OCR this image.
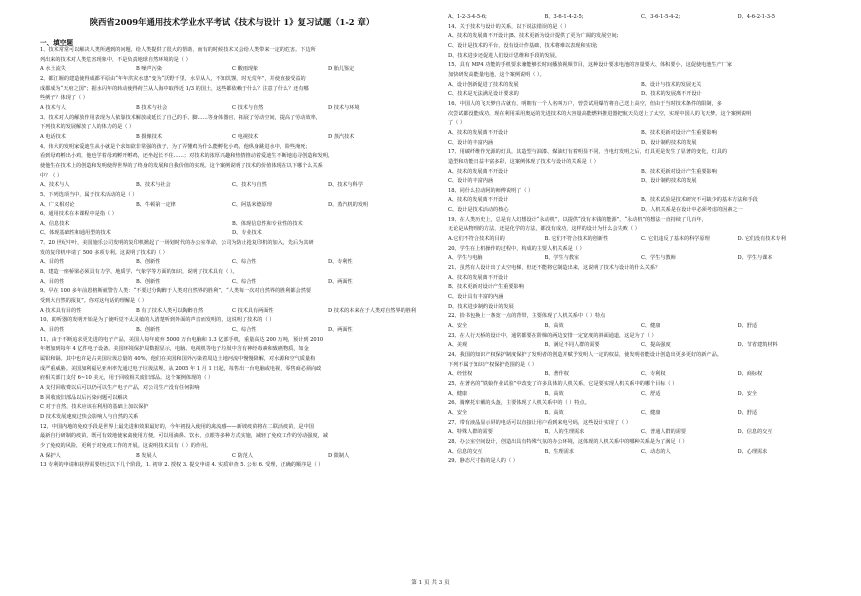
陕西省2009年通用技术学业水平考试《技术与设计 1》复习试题（1-2 章）
一、填空题
1、技术常常可以解决人类所遇到的问题，给人类提供了很大的帮助，而有的时候技术又会给人类带来一定的危害。下边所
列出来的技术对人类危害现象中，不是负责地球自然环境的是（ ）
A 水土流失	B 噪声污染	C 酸雨现象	D 胎儿鉴定
2、都江堰的建造使得成都平原由“年年洪灾水患”变为“沃野千里，水旱从人，不知饥馑，时无荒年”，并使直接受益的
成都成为“天府之国”；据水闪年的转动使得荷兰从人海中取得近 1/3 的国土，这些都依赖于什么？注意了什么？还有哪
些例子？体现了（ ）
A 技术与人	B 技术与社会	C 技术与自然	D 技术与环境
3、技术对人的解放作用表现为人依靠技术解放或延长了自己的手、脚……等身体器官，拓展了劳动空间，提高了劳动效率，
下列技术的发展解放了人的体力的是（ ）
A 电话技术	B 摄像技术	C 电视技术	D 蒸汽技术
4、伟大的发明家爱迪生从小就是个求知欲非常强的孩子，为了弄懂鸡为什么能孵化小鸡，他纵身跳进水中，险些淹死；
看到母鸡孵出小鸡，他也学着母鸡孵开孵鸡，还坐起长不住……；对技术的浓厚兴趣和热情推动着爱迪生不断地追寻创造和发明，
使他生在技术上的创造和发明使得世界的了终身的发展和自我价值的实现。这个案例说明了技术的价值体现在以下哪个么关系
中？（ ）
A、技术与人	B、技术与社会	C、技术与自然	D、技术与科学
5、下列选项当中，属于技术活动的是（ ）
A、广义相对论	B、牛顿第一定律	C、阿基米德原理	D、蒸汽机的发明
6、通用技术在本课程中是指（ ）
A、信息技术	B、体现信息性和专业性的技术
C、体现基础性和通用型的技术	D、专业技术
7、20 世纪中叶，美国施乐公司发明的复印机掀起了一场划时代的办公室革命，公司为防止抢复印机的加入，先后为其研
发的复印机申请了 500 多项专利。这说明了技术的（ ）
A、目的性	B、创新性	C、综合性	D、专利性
8、建造一座桥梁必须具有力学、地质学、气象学等方面的知识，说明了技术具有（ ）。
A、目的性	B、创新性	C、综合性	D、两面性
9、早在 100 多年前恩格斯就警告人类：“不要过分陶醉于人类对自然界的胜利”，“人类每一次对自然界的胜利都会然要
受到大自然的报复”。你对这句话的理解是（ ）
A 技术具有目的性	B 有了技术人类可以陶醉自然	C 技术具有两面性	D 技术的本来在于人类对自然界的胜利
10、助听器的发明开始是为了使听觉不太灵敏的人清楚听到外面的声音而发明的，这说明了技术的（ ）
A、目的性	B、创新性	C、综合性	D、两面性
11、由于不断追求更先进的电子产品，美国人每年废弃 5000 万台电脑和 1.3 亿部手机，重量高达 200 万吨，预计到 2010
年增加到每年 4 亿件电子设备。美国环境保护局数据显示，电脑、电视机等电子垃圾中含有神经毒素和致癌物质，如金
属铅和镉。其中也许是占美国垃圾总量的 40%，他们在美国和国外污染着周边土地河流中慢慢降解，对水源和空气质量构
成严重威胁。美国加利福尼亚州率先通过电子垃圾法规，从 2005 年 1 月 1 日起，每售出一台电脑或电视，零售商必须向政
府相关部门支付 6~10 美元，用于回收相关废旧部品。这个案例体现的（ ）
A 支付回收费以后可以仍可以生产电子产品，对公司生产没有任何影响
B 回收废旧部品以后污染问题可以解决
C 对于自然，技术应该在利用的基础上加以保护
D 技术发展速度过快会影响人与自然的关系
12、中国内地的免疫手段是世界上最先进和效果最好的，今年初投入使用的禽流感——新坡疫苗将在二联活疫苗，是中国
最新自行研制的疫苗，既可有效地使家禽使用方便，可以用滴鼻、饮水，点眼等多种方式实施，减轻了免疫工作的劳动强度，减
少了免疫的风险，更利于对免疫工作的开展。这说明技术具有（ ）的作用。
A 保护人	B 发展人	C 防范人	D 限制人
13 专利的申请和获得需要经过以下几个阶段，1. 初审 2. 授权 3. 提交申请 4. 实质审查 5. 公布 6. 受理，正确的顺序是（ ）
A、1-2-3-4-5-6;	B、3-6-1-4-2-5;	C、3-6-1-5-4-2;	D、4-6-2-1-3-5
14、关于技术与设计的关系，以下说法错误的是（ ）
A、技术的发展离不开设计|B、技术更新为设计提供了更为广阔的发展空间;
C、设计是技术的平台，没有设计作基础，技术将难以表现和实现;
D、技术进步还促进人们设计思维和手段的发展。
15、具有 MP4 功能的手机要求兼能够长时间播放视频节目，这种设计要求电池的容量要大、体积要小，这促使电池生产厂家
加快研发高能量电池，这个案例说明（ ）。
A、设计创新促进了技术的发展	B、设计与技术的发展无关
C、技术是无法满足设计要求的	D、技术的发展离不开设计
16、中国人的飞天梦自古就有，明朝有一个人名叫万户，曾尝试用爆竹将自己送上高空，但由于当时技术条件的限制，多
次尝试都没能成功，现在利用采用奥运的先进技术的大容量高能燃料推进器把航天员送上了太空，实现中国人的飞天梦。这个案例说明
了（ ）
A、技术的发展离不开设计	B、技术更新对设计产生重要影响
C、设计的丰富内涵	D、设计制约技术的发展
17、用碳纤维作光源的灯具，其造型与油漆、煤油灯有着明显不同，当电灯发明之后，灯具更是发生了显著的变化，灯具的
造型和功能日益丰富多彩，这案例体现了技术与设计的关系是（ ）
A、技术的发展离不开设计	B、技术更新对设计产生重要影响
C、设计的丰富内涵	D、设计制约技术的发展
18、同什么拉动阿的师傅说明了（ ）
A、技术的发展离不开设计	B、技术试验是技术研究不可缺少的基本方法和手段
C、设计是技术活动的核心	D、人机关系是在设计中必须考虑的因素之一
19、在人类历史上，总是有人幻想设计“永动机”，以提供“没有本钱的能源”，“永动机”的想法一直持续了几百年，
无论是从物理的方法，还是化学的方法，都没有成功，这样的设计为什么会失败（ ）
A.它们不符合技术的目的	B. 它们不符合技术的创新性	C. 它们违反了基本的科学原理	D. 它们没有技术专利
20、学生在上机操作的过程中，构成的主要人机关系是（ ）
A、学生与电脑	B、学生与教室	C、学生与教师	D、学生与课本
21、虽然有人设计出了太空电梯，但还不能将它制造出来，这说明了技术与设计的什么关系？
A、技术的发展离不开设计
B、技术更新对设计产生重要影响
C、设计具有丰富的内涵
D、技术进步制约设计的发展
22、拾书包换上一条宽一点的背带，主要体现了人机关系中（ ）特点
A、安全	B、高效	C、健康	D、舒适
23、在人行天桥的设计中，通常都要在阶梯的两边安排一定宽度的斜面通道，这是为了（ ）
A、美观	B、满足不同人群的需要	C、提高强度	D、节省建筑材料
24、我国的知识产权保护制度保护了发明者的创造并赋予发明人一定的权益，使发明者能设计创造出更多更好的新产品。
下列不属于知识产权保护范围的是（ ）
A、经营权	B、著作权	C、专利权	D、商标权
25、在著名的“铁娘作业试验”中改变了许多具体的人机关系，它是要实现人机关系中的哪个目标（ ）
A、健康	B、高效	C、舒适	D、安全
26、骑摩托车戴的头盔，主要体现了人机关系中的（ ）特点。
A、安全	B、高效	C、健康	D、舒适
27、带有液晶显示屏的电话可以直接让用户看到来电号码，这些设计实现了（ ）
A、特殊人群的需要	B、人的生理需求	C、普通人群的需要	D、信息的交互
28、办公室空间设计，创造出具有特殊气氛的办公环境，这体现的人机关系中的哪种关系是为了满足（ ）
A、信息的交互	B、生理需求	C、动态的人	D、心理需求
29、静态尺寸指的是人的（ ）
第 1 页 共 3 页
